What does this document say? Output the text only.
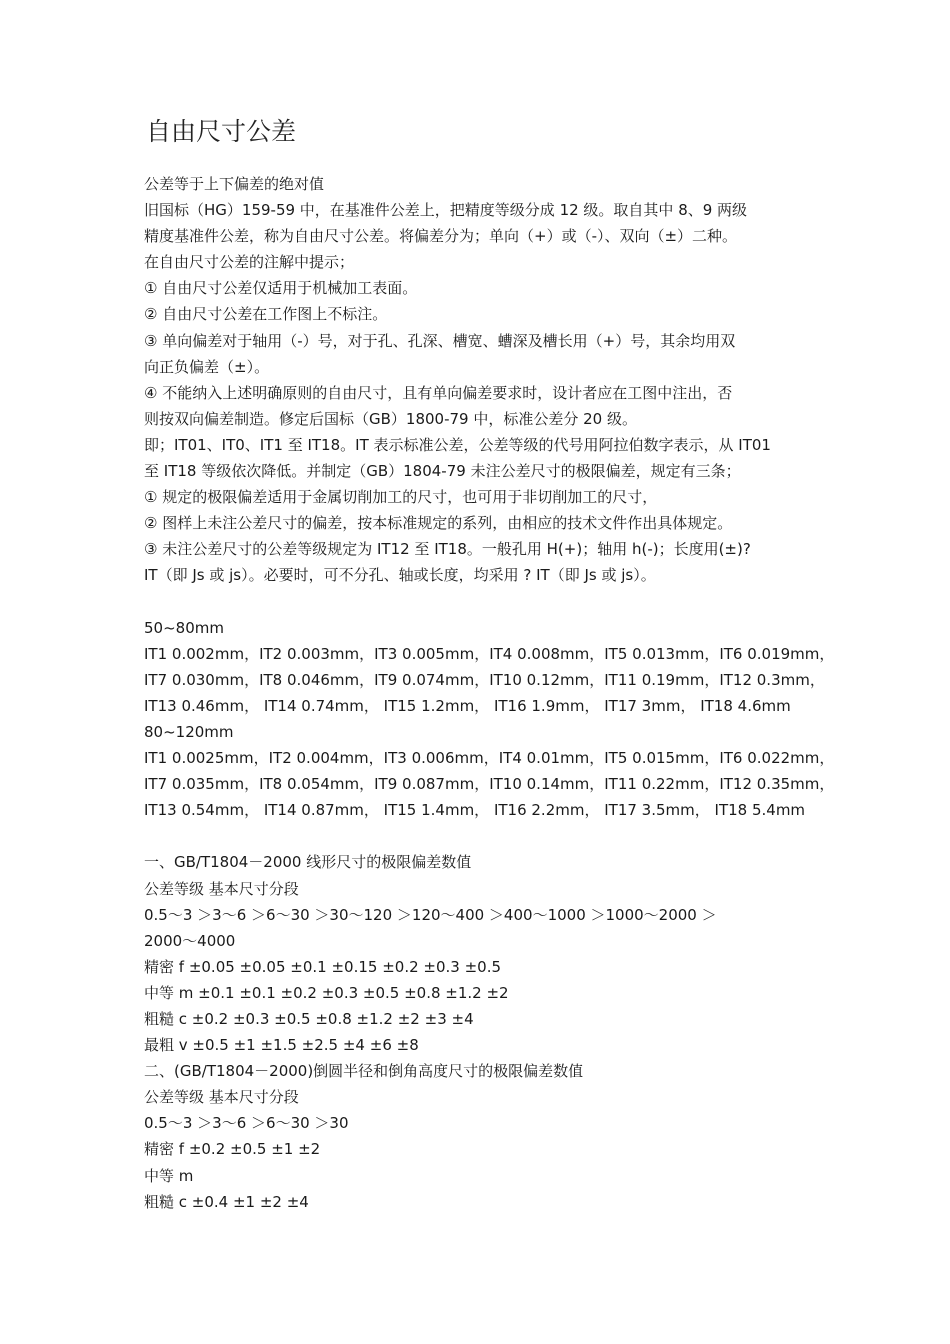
自由尺寸公差

公差等于上下偏差的绝对值

旧国标（HG）159-59 中，在基准件公差上，把精度等级分成 12 级。取自其中 8、9 两级

精度基准件公差，称为自由尺寸公差。将偏差分为；单向（+）或（-）、双向（±）二种。

在自由尺寸公差的注解中提示；

① 自由尺寸公差仅适用于机械加工表面。

② 自由尺寸公差在工作图上不标注。

③ 单向偏差对于轴用（-）号，对于孔、孔深、槽宽、螬深及槽长用（+）号，其余均用双

向正负偏差（±）。

④ 不能纳入上述明确原则的自由尺寸，且有单向偏差要求时，设计者应在工图中注出，否

则按双向偏差制造。修定后国标（GB）1800-79 中，标准公差分 20 级。

即；IT01、IT0、IT1 至 IT18。IT 表示标准公差，公差等级的代号用阿拉伯数字表示，从 IT01

至 IT18 等级依次降低。并制定（GB）1804-79 未注公差尺寸的极限偏差，规定有三条；

① 规定的极限偏差适用于金属切削加工的尺寸，也可用于非切削加工的尺寸，

② 图样上未注公差尺寸的偏差，按本标准规定的系列，由相应的技术文件作出具体规定。

③ 未注公差尺寸的公差等级规定为 IT12 至 IT18。一般孔用 H(+)；轴用 h(-)；长度用(±)?

IT（即 Js 或 js）。必要时，可不分孔、轴或长度，均采用 ? IT（即 Js 或 js）。

50~80mm

IT1 0.002mm，IT2 0.003mm，IT3 0.005mm，IT4 0.008mm，IT5 0.013mm，IT6 0.019mm，

IT7 0.030mm，IT8 0.046mm，IT9 0.074mm，IT10 0.12mm，IT11 0.19mm，IT12 0.3mm，

IT13 0.46mm， IT14 0.74mm， IT15 1.2mm， IT16 1.9mm， IT17 3mm， IT18 4.6mm

80~120mm

IT1 0.0025mm，IT2 0.004mm，IT3 0.006mm，IT4 0.01mm，IT5 0.015mm，IT6 0.022mm，

IT7 0.035mm，IT8 0.054mm，IT9 0.087mm，IT10 0.14mm，IT11 0.22mm，IT12 0.35mm，

IT13 0.54mm， IT14 0.87mm， IT15 1.4mm， IT16 2.2mm， IT17 3.5mm， IT18 5.4mm

一、GB/T1804－2000 线形尺寸的极限偏差数值

公差等级 基本尺寸分段

0.5～3 ＞3～6 ＞6～30 ＞30～120 ＞120～400 ＞400～1000 ＞1000～2000 ＞

2000～4000

精密 f ±0.05 ±0.05 ±0.1 ±0.15 ±0.2 ±0.3 ±0.5

中等 m ±0.1 ±0.1 ±0.2 ±0.3 ±0.5 ±0.8 ±1.2 ±2

粗糙 c ±0.2 ±0.3 ±0.5 ±0.8 ±1.2 ±2 ±3 ±4

最粗 v ±0.5 ±1 ±1.5 ±2.5 ±4 ±6 ±8

二、(GB/T1804－2000)倒圆半径和倒角高度尺寸的极限偏差数值

公差等级 基本尺寸分段

0.5～3 ＞3～6 ＞6～30 ＞30

精密 f ±0.2 ±0.5 ±1 ±2

中等 m

粗糙 c ±0.4 ±1 ±2 ±4
